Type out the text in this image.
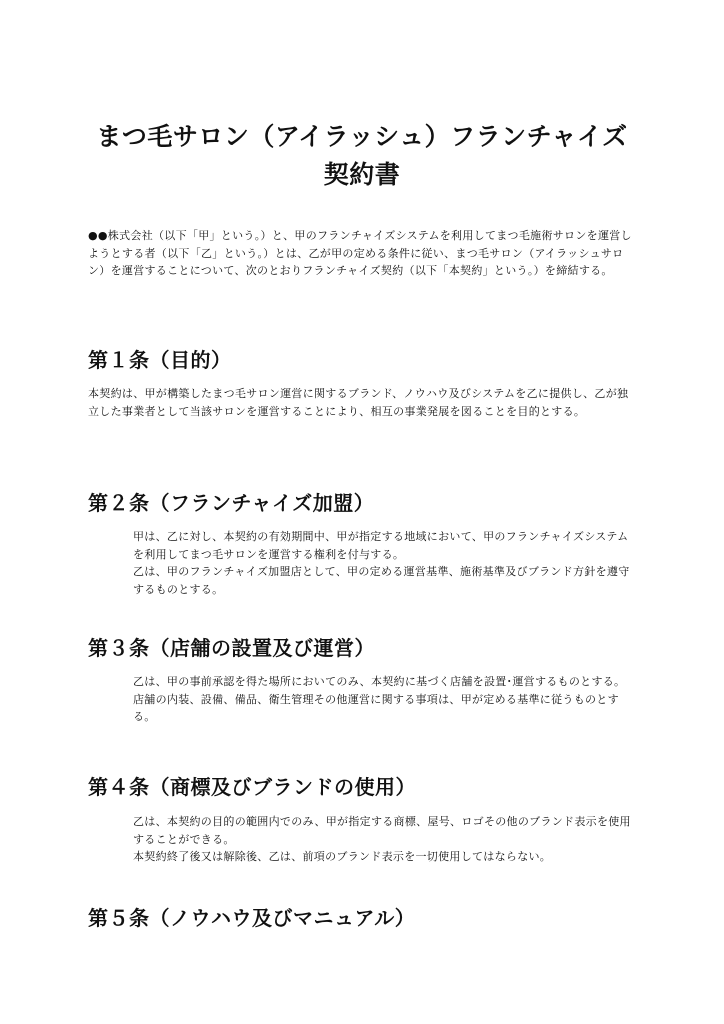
まつ毛サロン（アイラッシュ）フランチャイズ
契約書
●●株式会社（以下「甲」という。）と、甲のフランチャイズシステムを利用してまつ毛施術サロンを運営しようとする者（以下「乙」という。）とは、乙が甲の定める条件に従い、まつ毛サロン（アイラッシュサロン）を運営することについて、次のとおりフランチャイズ契約（以下「本契約」という。）を締結する。
第１条（目的）
本契約は、甲が構築したまつ毛サロン運営に関するブランド、ノウハウ及びシステムを乙に提供し、乙が独立した事業者として当該サロンを運営することにより、相互の事業発展を図ることを目的とする。
第２条（フランチャイズ加盟）
甲は、乙に対し、本契約の有効期間中、甲が指定する地域において、甲のフランチャイズシステムを利用してまつ毛サロンを運営する権利を付与する。
乙は、甲のフランチャイズ加盟店として、甲の定める運営基準、施術基準及びブランド方針を遵守するものとする。
第３条（店舗の設置及び運営）
乙は、甲の事前承認を得た場所においてのみ、本契約に基づく店舗を設置･運営するものとする。
店舗の内装、設備、備品、衛生管理その他運営に関する事項は、甲が定める基準に従うものとする。
第４条（商標及びブランドの使用）
乙は、本契約の目的の範囲内でのみ、甲が指定する商標、屋号、ロゴその他のブランド表示を使用することができる。
本契約終了後又は解除後、乙は、前項のブランド表示を一切使用してはならない。
第５条（ノウハウ及びマニュアル）
